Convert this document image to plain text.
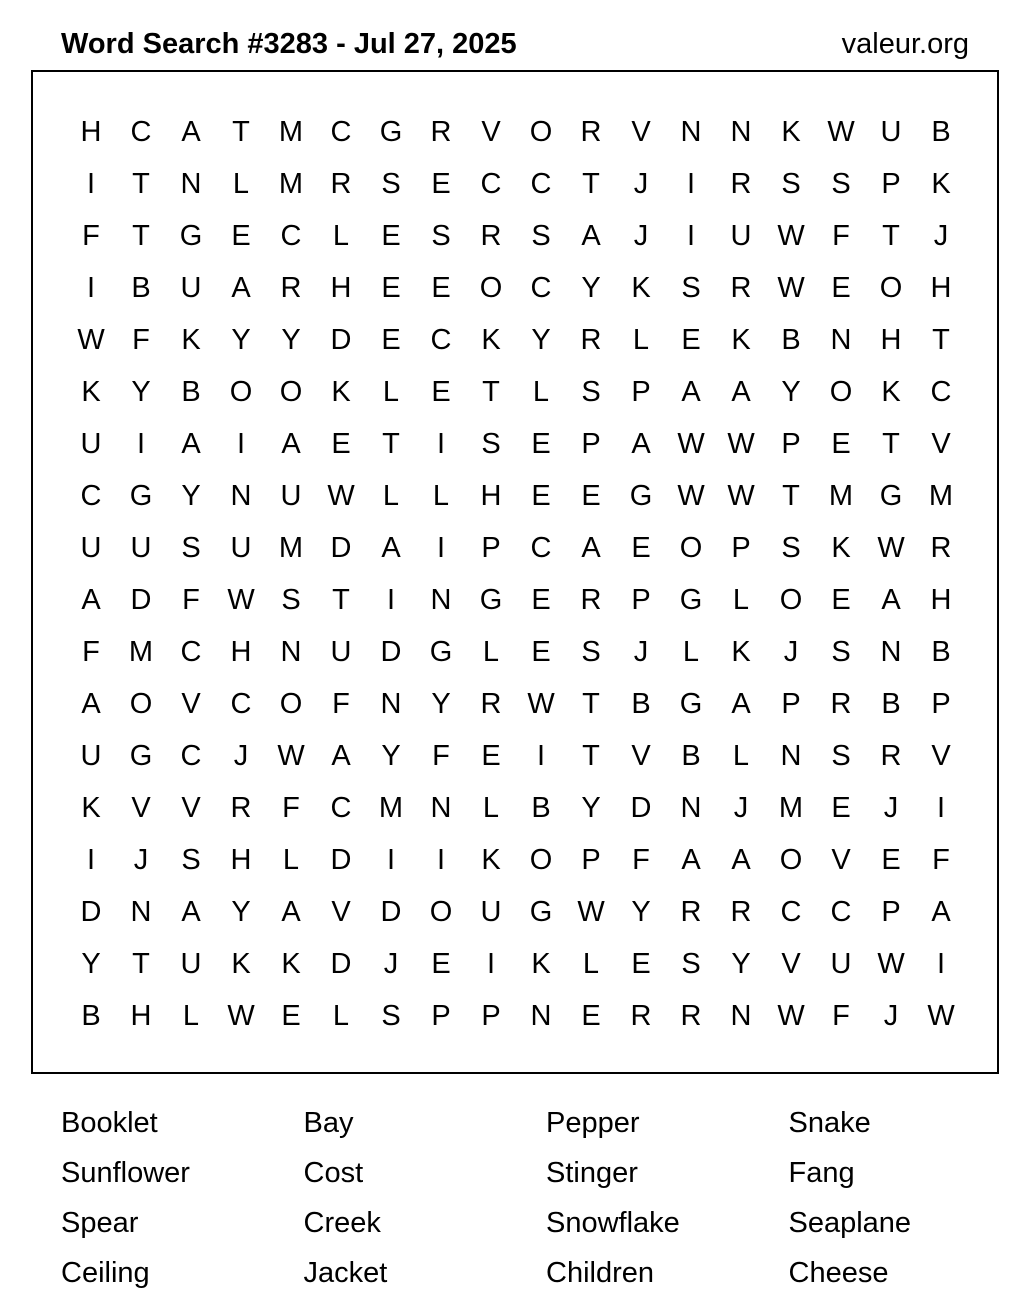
Word Search #3283 - Jul 27, 2025	valeur.org
H	C	A	T	M C G R	V	O R	V	N	N	K W U	B
I	T	N	L	M R	S	E	C	C	T	J	I	R	S	S	P	K
F	T	G	E	C	L	E	S	R	S	A	J	I	U W F	T	J
I	B	U	A	R	H	E	E	O C	Y	K	S	R W E	O H
W F	K	Y	Y	D	E	C	K	Y	R	L	E	K	B	N	H	T
K	Y	B	O O	K	L	E	T	L	S	P	A	A	Y	O	K	C
U	I	A	I	A	E	T	I	S	E	P	A W W P	E	T	V
C G	Y	N	U W L	L	H	E	E	G W W T	M G M
U	U	S	U M D	A	I	P	C	A	E	O	P	S	K W R
A	D	F W S	T	I	N G	E	R	P	G	L	O	E	A	H
F	M C	H	N	U	D G	L	E	S	J	L	K	J	S	N	B
A	O	V	C O	F	N	Y	R W T	B	G	A	P	R	B	P
U G C	J	W A	Y	F	E	I	T	V	B	L	N	S	R	V
K	V	V	R	F	C M N	L	B	Y	D	N	J	M E	J	I
I	J	S	H	L	D	I	I	K	O	P	F	A	A	O	V	E	F
D	N	A	Y	A	V	D O U G W Y	R	R	C	C	P	A
Y	T	U	K	K	D	J	E	I	K	L	E	S	Y	V	U W	I
B	H	L W E	L	S	P	P	N	E	R	R	N W F	J	W
Booklet	Bay	Pepper	Snake
Sunflower	Cost	Stinger	Fang
Spear	Creek	Snowflake	Seaplane
Ceiling	Jacket	Children	Cheese
